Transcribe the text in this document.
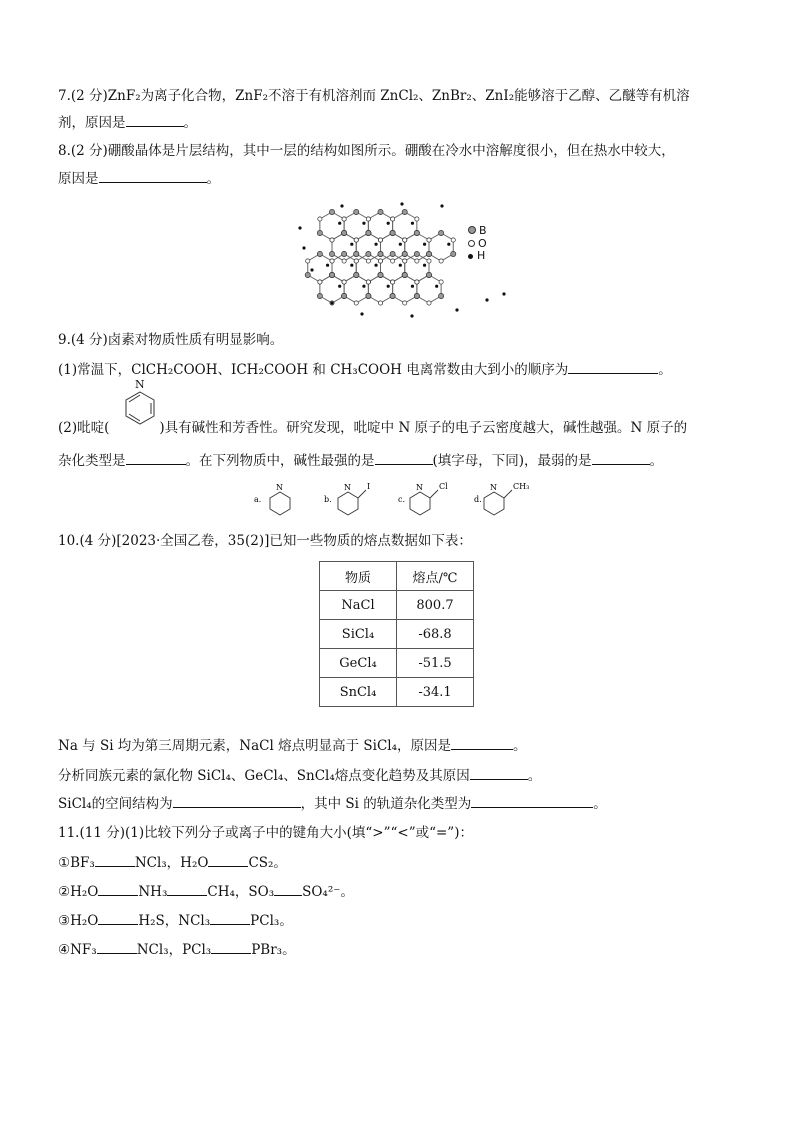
7.(2 分)ZnF₂为离子化合物，ZnF₂不溶于有机溶剂而 ZnCl₂、ZnBr₂、ZnI₂能够溶于乙醇、乙醚等有机溶
剂，原因是	。
8.(2 分)硼酸晶体是片层结构，其中一层的结构如图所示。硼酸在冷水中溶解度很小，但在热水中较大，
原因是	。
B
O
H
9.(4 分)卤素对物质性质有明显影响。
(1)常温下，ClCH₂COOH、ICH₂COOH 和 CH₃COOH 电离常数由大到小的顺序为	。
(2)吡啶(	)具有碱性和芳香性。研究发现，吡啶中 N 原子的电子云密度越大，碱性越强。N 原子的
N
杂化类型是	。在下列物质中，碱性最强的是	(填字母，下同)，最弱的是	。
a.
N
b.
N I
c.
N Cl
d.
N CH₃
10.(4 分)[2023·全国乙卷，35(2)]已知一些物质的熔点数据如下表：
物质	熔点/℃
NaCl	800.7
SiCl₄	-68.8
GeCl₄	-51.5
SnCl₄	-34.1
Na 与 Si 均为第三周期元素，NaCl 熔点明显高于 SiCl₄，原因是	。
分析同族元素的氯化物 SiCl₄、GeCl₄、SnCl₄熔点变化趋势及其原因	。
SiCl₄的空间结构为	，其中 Si 的轨道杂化类型为	。
11.(11 分)(1)比较下列分子或离子中的键角大小(填“>”“<”或“=”)：
①BF₃	NCl₃，H₂O	CS₂。
②H₂O	NH₃	CH₄，SO₃ SO₄²⁻。
③H₂O	H₂S，NCl₃	PCl₃。
④NF₃	NCl₃，PCl₃	PBr₃。
